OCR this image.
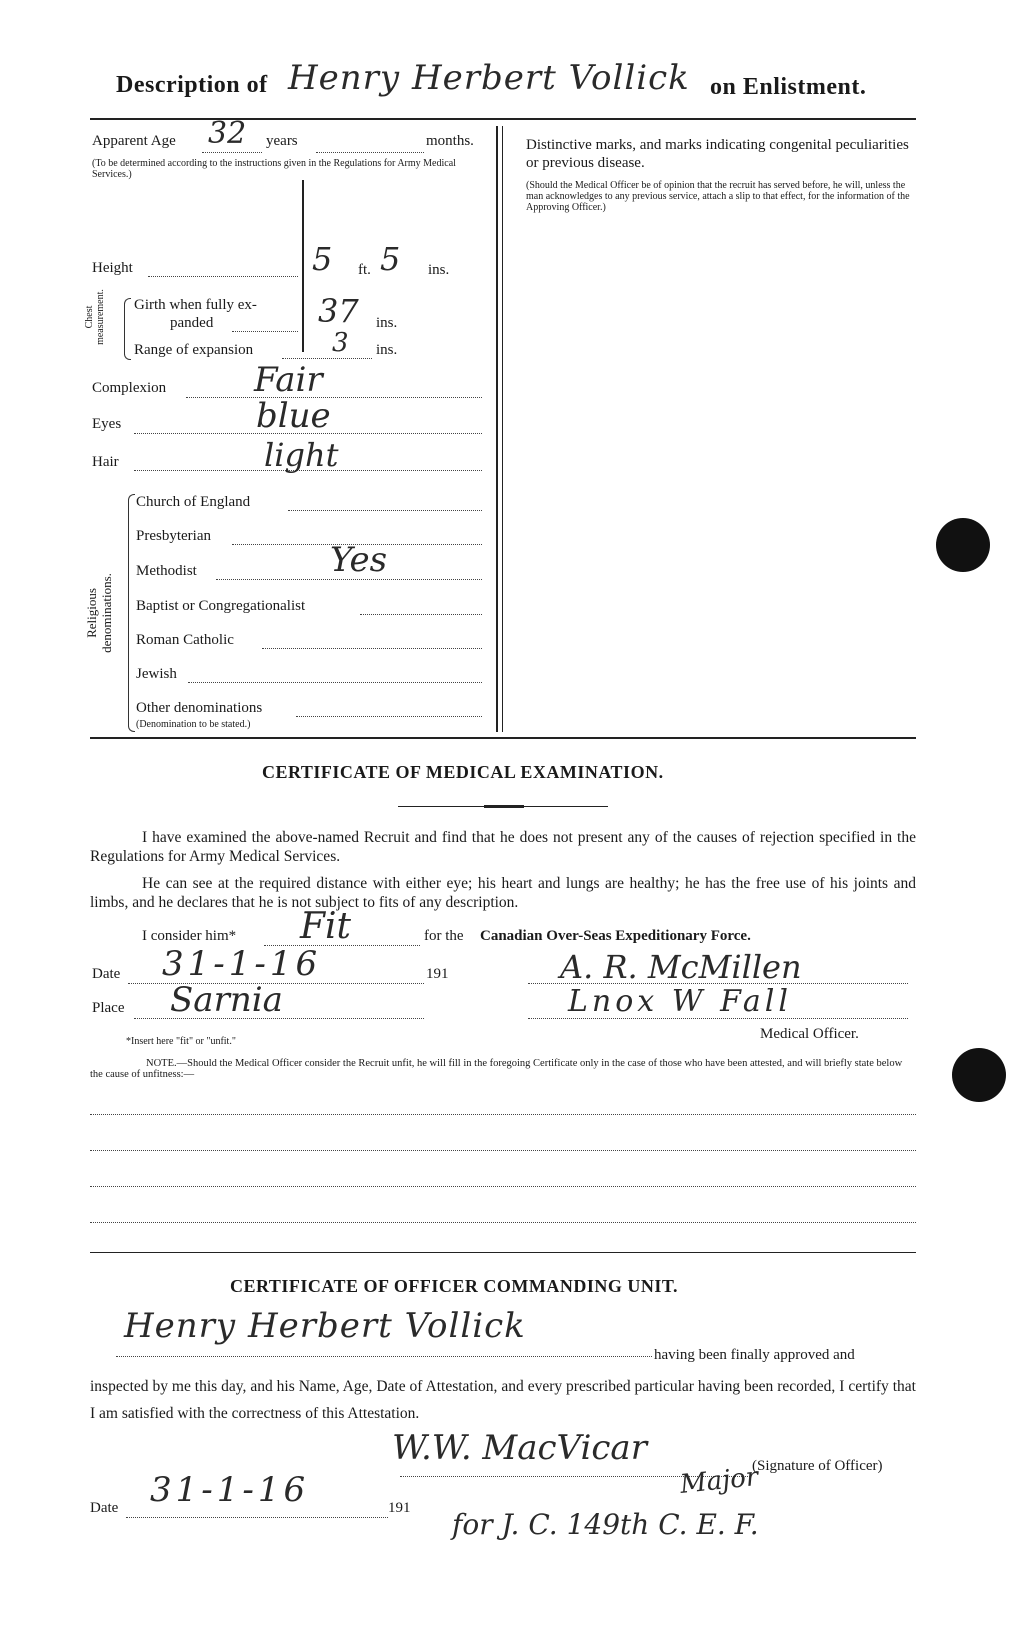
Description of Henry Herbert Vollick on Enlistment.
Apparent Age 32 years	months.
(To be determined according to the instructions given in the Regulations for Army Medical Services.)
Height	5 ft. 5 ins.
Chest measurement. Girth when fully ex-
panded	37 ins.
Range of expansion	3 ins.
Complexion	Fair
Eyes	blue
Hair	light
Religious denominations.
Church of England
Presbyterian
Methodist	Yes
Baptist or Congregationalist
Roman Catholic
Jewish
Other denominations
(Denomination to be stated.)
Distinctive marks, and marks indicating congenital peculiarities or previous disease.
(Should the Medical Officer be of opinion that the recruit has served before, he will, unless the man acknowledges to any previous service, attach a slip to that effect, for the information of the Approving Officer.)
CERTIFICATE OF MEDICAL EXAMINATION.
I have examined the above-named Recruit and find that he does not present any of the causes of rejection specified in the Regulations for Army Medical Services.
He can see at the required distance with either eye; his heart and lungs are healthy; he has the free use of his joints and limbs, and he declares that he is not subject to fits of any description.
I consider him* Fit	for the Canadian Over-Seas Expeditionary Force.
Date 31-1-16	191
Place Sarnia
A. R. McMillen
Lnox W Fall
Medical Officer.
*Insert here "fit" or "unfit."
NOTE.—Should the Medical Officer consider the Recruit unfit, he will fill in the foregoing Certificate only in the case of those who have been attested, and will briefly state below the cause of unfitness:—
CERTIFICATE OF OFFICER COMMANDING UNIT.
Henry Herbert Vollick
having been finally approved and
inspected by me this day, and his Name, Age, Date of Attestation, and every prescribed particular having been recorded, I certify that I am satisfied with the correctness of this Attestation.
W.W. MacVicar	(Signature of Officer)
Major
Date 31-1-16	191 for J. C. 149th C. E. F.
